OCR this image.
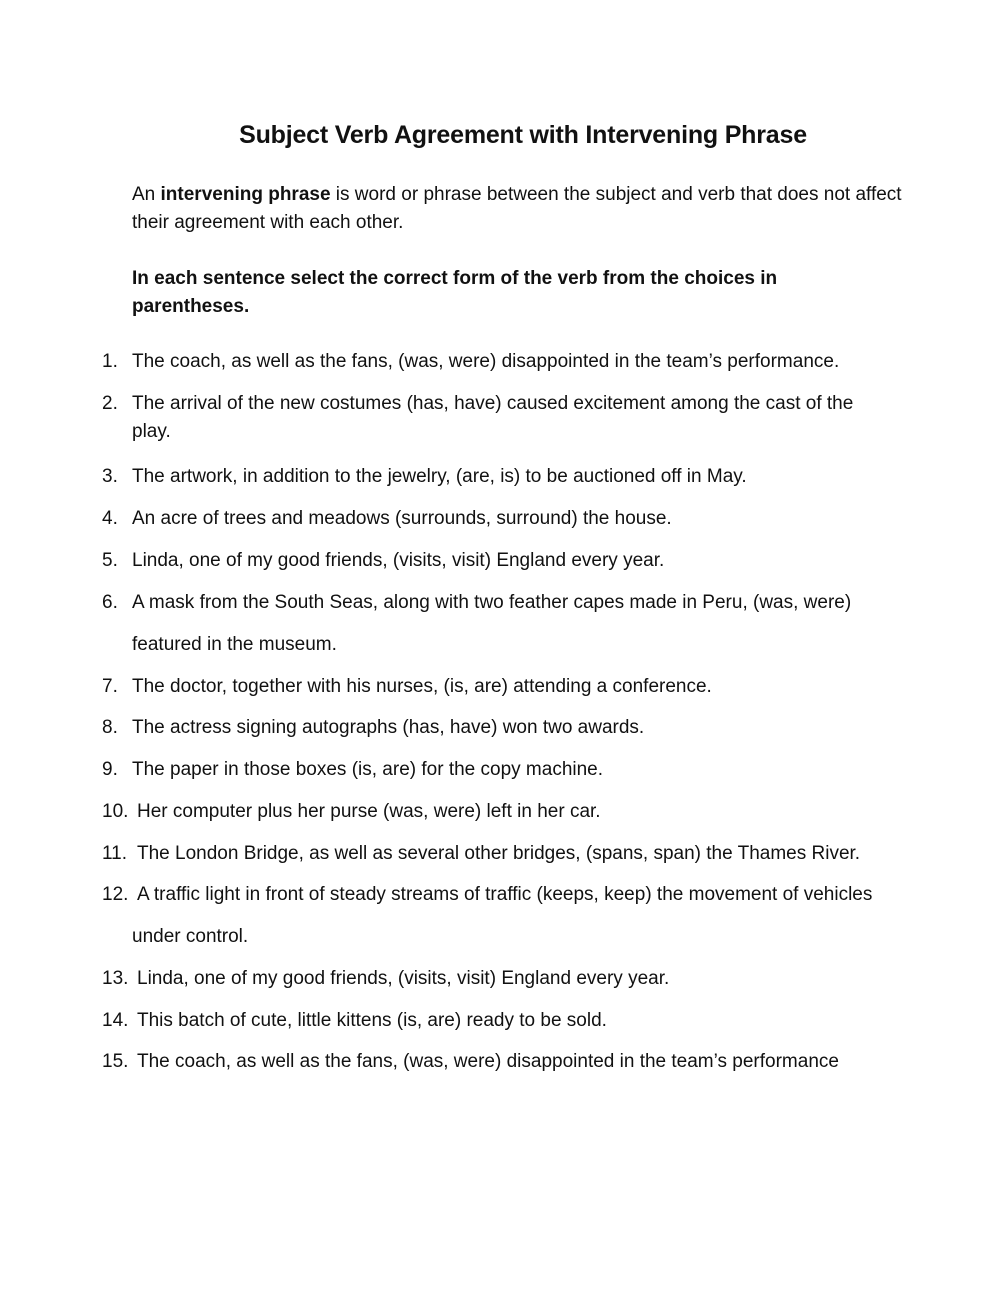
Subject Verb Agreement with Intervening Phrase

An intervening phrase is word or phrase between the subject and verb that does not affect their agreement with each other.

In each sentence select the correct form of the verb from the choices in parentheses.

1. The coach, as well as the fans, (was, were) disappointed in the team’s performance.
2. The arrival of the new costumes (has, have) caused excitement among the cast of the play.
3. The artwork, in addition to the jewelry, (are, is) to be auctioned off in May.
4. An acre of trees and meadows (surrounds, surround) the house.
5. Linda, one of my good friends, (visits, visit) England every year.
6. A mask from the South Seas, along with two feather capes made in Peru, (was, were) featured in the museum.
7. The doctor, together with his nurses, (is, are) attending a conference.
8. The actress signing autographs (has, have) won two awards.
9. The paper in those boxes (is, are) for the copy machine.
10. Her computer plus her purse (was, were) left in her car.
11. The London Bridge, as well as several other bridges, (spans, span) the Thames River.
12. A traffic light in front of steady streams of traffic (keeps, keep) the movement of vehicles under control.
13. Linda, one of my good friends, (visits, visit) England every year.
14. This batch of cute, little kittens (is, are) ready to be sold.
15. The coach, as well as the fans, (was, were) disappointed in the team’s performance
